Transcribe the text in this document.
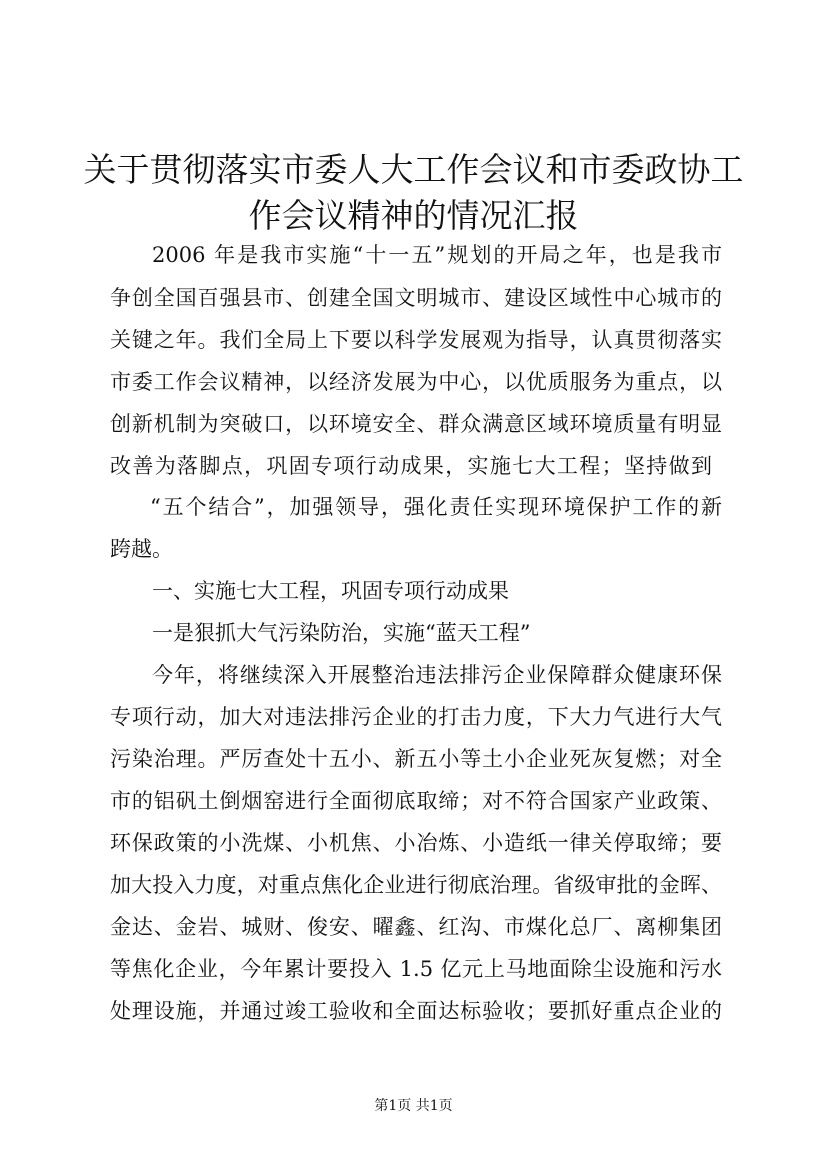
关于贯彻落实市委人大工作会议和市委政协工
作会议精神的情况汇报

2006 年是我市实施“十一五”规划的开局之年，也是我市

争创全国百强县市、创建全国文明城市、建设区域性中心城市的

关键之年。我们全局上下要以科学发展观为指导，认真贯彻落实

市委工作会议精神，以经济发展为中心，以优质服务为重点，以

创新机制为突破口，以环境安全、群众满意区域环境质量有明显

改善为落脚点，巩固专项行动成果，实施七大工程；坚持做到

“五个结合”，加强领导，强化责任实现环境保护工作的新

跨越。

一、实施七大工程，巩固专项行动成果

一是狠抓大气污染防治，实施“蓝天工程”

今年，将继续深入开展整治违法排污企业保障群众健康环保

专项行动，加大对违法排污企业的打击力度，下大力气进行大气

污染治理。严厉查处十五小、新五小等土小企业死灰复燃；对全

市的铝矾土倒烟窑进行全面彻底取缔；对不符合国家产业政策、

环保政策的小洗煤、小机焦、小冶炼、小造纸一律关停取缔；要

加大投入力度，对重点焦化企业进行彻底治理。省级审批的金晖、

金达、金岩、城财、俊安、曜鑫、红沟、市煤化总厂、离柳集团

等焦化企业，今年累计要投入 1.5 亿元上马地面除尘设施和污水

处理设施，并通过竣工验收和全面达标验收；要抓好重点企业的

第1页 共1页
